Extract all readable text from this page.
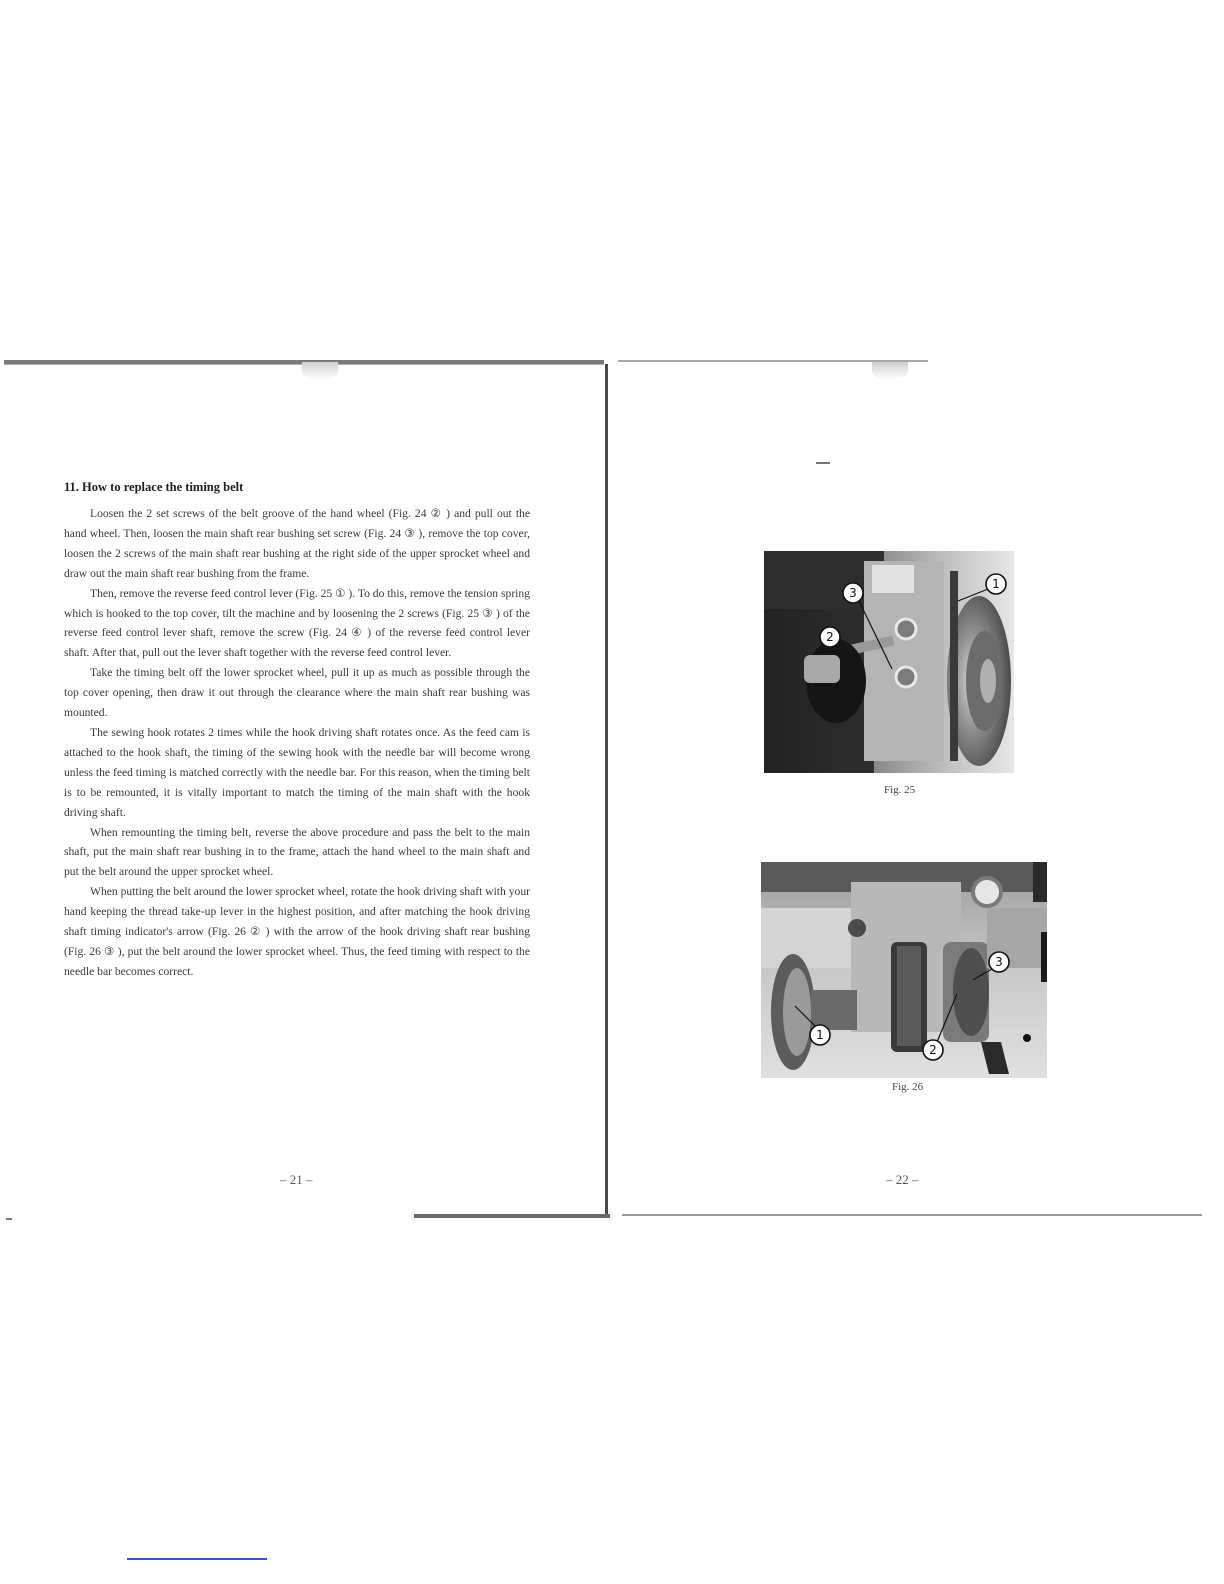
11. How to replace the timing belt

Loosen the 2 set screws of the belt groove of the hand wheel (Fig. 24 ② ) and pull out the hand wheel. Then, loosen the main shaft rear bushing set screw (Fig. 24 ③ ), remove the top cover, loosen the 2 screws of the main shaft rear bushing at the right side of the upper sprocket wheel and draw out the main shaft rear bushing from the frame.

Then, remove the reverse feed control lever (Fig. 25 ① ). To do this, remove the tension spring which is hooked to the top cover, tilt the machine and by loosening the 2 screws (Fig. 25 ③ ) of the reverse feed control lever shaft, remove the screw (Fig. 24 ④ ) of the reverse feed control lever shaft. After that, pull out the lever shaft together with the reverse feed control lever.

Take the timing belt off the lower sprocket wheel, pull it up as much as possible through the top cover opening, then draw it out through the clearance where the main shaft rear bushing was mounted.

The sewing hook rotates 2 times while the hook driving shaft rotates once. As the feed cam is attached to the hook shaft, the timing of the sewing hook with the needle bar will become wrong unless the feed timing is matched correctly with the needle bar. For this reason, when the timing belt is to be remounted, it is vitally important to match the timing of the main shaft with the hook driving shaft.

When remounting the timing belt, reverse the above procedure and pass the belt to the main shaft, put the main shaft rear bushing in to the frame, attach the hand wheel to the main shaft and put the belt around the upper sprocket wheel.

When putting the belt around the lower sprocket wheel, rotate the hook driving shaft with your hand keeping the thread take-up lever in the highest position, and after matching the hook driving shaft timing indicator's arrow (Fig. 26 ② ) with the arrow of the hook driving shaft rear bushing (Fig. 26 ③ ), put the belt around the lower sprocket wheel. Thus, the feed timing with respect to the needle bar becomes correct.

– 21 –
3
2
1
Fig. 25
3
1
2
Fig. 26
– 22 –
